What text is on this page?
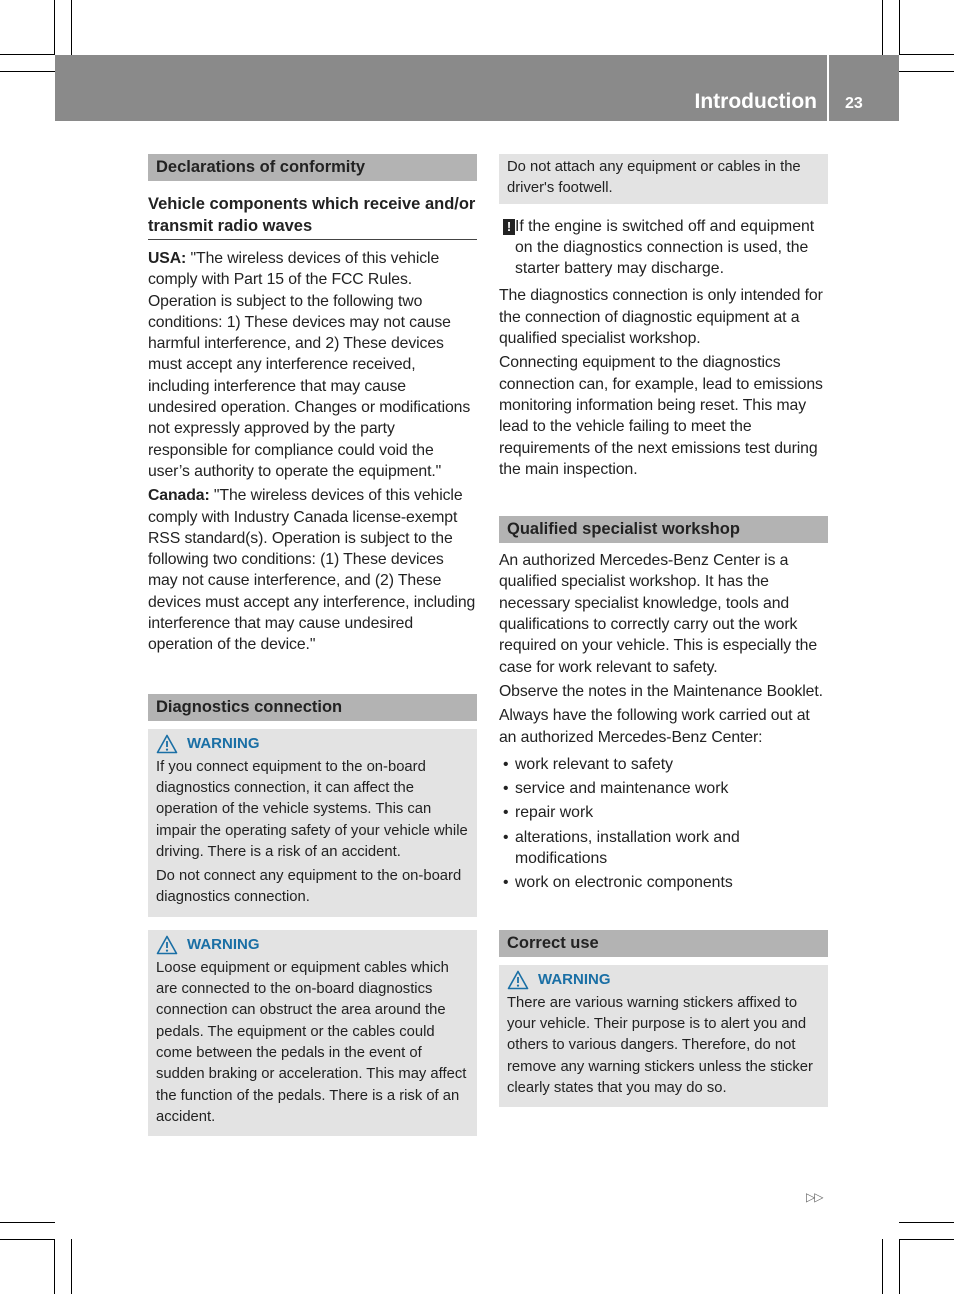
Introduction 23
Declarations of conformity
Vehicle components which receive and/or transmit radio waves

USA: "The wireless devices of this vehicle comply with Part 15 of the FCC Rules. Operation is subject to the following two conditions: 1) These devices may not cause harmful interference, and 2) These devices must accept any interference received, including interference that may cause undesired operation. Changes or modifications not expressly approved by the party responsible for compliance could void the user’s authority to operate the equipment."

Canada: "The wireless devices of this vehicle comply with Industry Canada license-exempt RSS standard(s). Operation is subject to the following two conditions: (1) These devices may not cause interference, and (2) These devices must accept any interference, including interference that may cause undesired operation of the device."

Diagnostics connection
WARNING

If you connect equipment to the on-board diagnostics connection, it can affect the operation of the vehicle systems. This can impair the operating safety of your vehicle while driving. There is a risk of an accident.

Do not connect any equipment to the on-board diagnostics connection.

WARNING

Loose equipment or equipment cables which are connected to the on-board diagnostics connection can obstruct the area around the pedals. The equipment or the cables could come between the pedals in the event of sudden braking or acceleration. This may affect the function of the pedals. There is a risk of an accident.

Do not attach any equipment or cables in the driver's footwell.
! If the engine is switched off and equipment on the diagnostics connection is used, the starter battery may discharge.

The diagnostics connection is only intended for the connection of diagnostic equipment at a qualified specialist workshop.

Connecting equipment to the diagnostics connection can, for example, lead to emissions monitoring information being reset. This may lead to the vehicle failing to meet the requirements of the next emissions test during the main inspection.

Qualified specialist workshop

An authorized Mercedes-Benz Center is a qualified specialist workshop. It has the necessary specialist knowledge, tools and qualifications to correctly carry out the work required on your vehicle. This is especially the case for work relevant to safety.

Observe the notes in the Maintenance Booklet.

Always have the following work carried out at an authorized Mercedes-Benz Center:

• work relevant to safety
• service and maintenance work
• repair work
• alterations, installation work and modifications
• work on electronic components
Correct use
WARNING

There are various warning stickers affixed to your vehicle. Their purpose is to alert you and others to various dangers. Therefore, do not remove any warning stickers unless the sticker clearly states that you may do so.

▷▷
